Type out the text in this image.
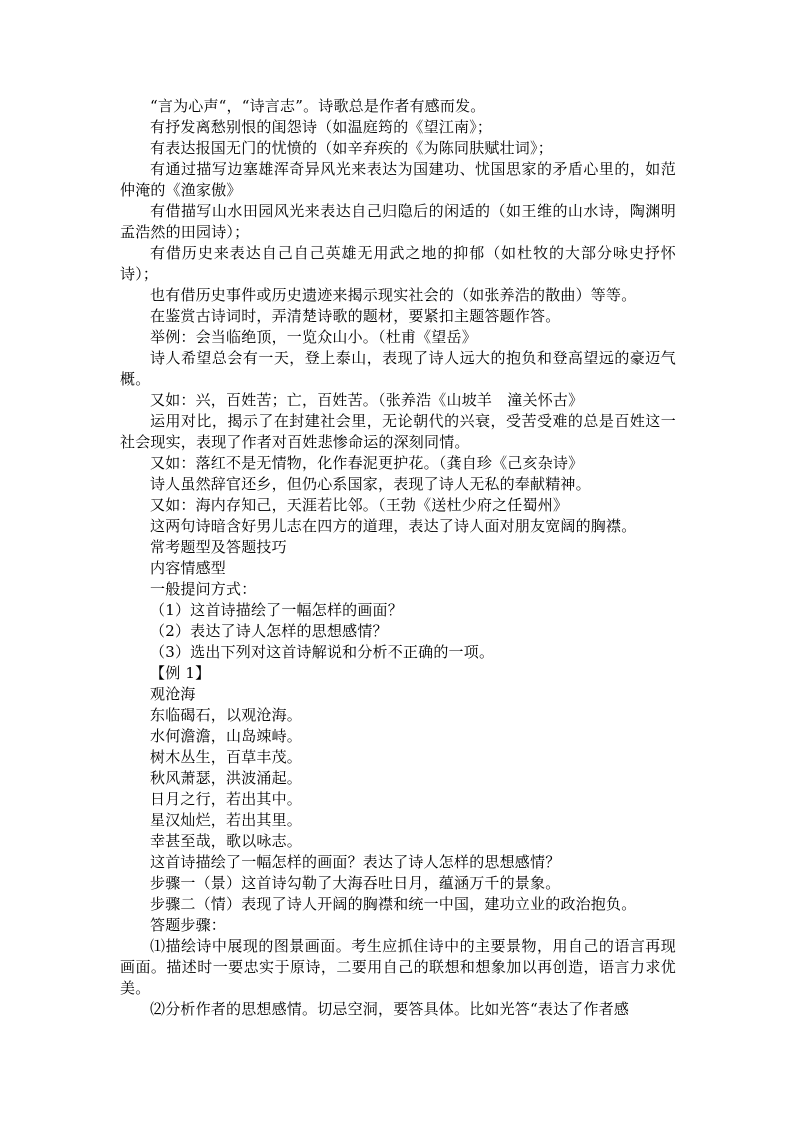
“言为心声“，“诗言志”。诗歌总是作者有感而发。

有抒发离愁别恨的闺怨诗（如温庭筠的《望江南》；

有表达报国无门的忧愤的（如辛弃疾的《为陈同肤赋壮词》；

有通过描写边塞雄浑奇异风光来表达为国建功、忧国思家的矛盾心里的，如范仲淹的《渔家傲》

有借描写山水田园风光来表达自己归隐后的闲适的（如王维的山水诗，陶渊明孟浩然的田园诗）；

有借历史来表达自己自己英雄无用武之地的抑郁（如杜牧的大部分咏史抒怀诗）；

也有借历史事件或历史遗迹来揭示现实社会的（如张养浩的散曲）等等。

在鉴赏古诗词时，弄清楚诗歌的题材，要紧扣主题答题作答。

举例：会当临绝顶，一览众山小。（杜甫《望岳》

诗人希望总会有一天，登上泰山，表现了诗人远大的抱负和登高望远的豪迈气概。

又如：兴，百姓苦；亡，百姓苦。（张养浩《山坡羊　潼关怀古》

运用对比，揭示了在封建社会里，无论朝代的兴衰，受苦受难的总是百姓这一社会现实，表现了作者对百姓悲惨命运的深刻同情。

又如：落红不是无情物，化作春泥更护花。（龚自珍《己亥杂诗》

诗人虽然辞官还乡，但仍心系国家，表现了诗人无私的奉献精神。

又如：海内存知己，天涯若比邻。（王勃《送杜少府之任蜀州》

这两句诗暗含好男儿志在四方的道理，表达了诗人面对朋友宽阔的胸襟。

常考题型及答题技巧

内容情感型

一般提问方式：

（1）这首诗描绘了一幅怎样的画面？

（2）表达了诗人怎样的思想感情？

（3）选出下列对这首诗解说和分析不正确的一项。

【例 1】

观沧海

东临碣石，以观沧海。

水何澹澹，山岛竦峙。

树木丛生，百草丰茂。

秋风萧瑟，洪波涌起。

日月之行，若出其中。

星汉灿烂，若出其里。

幸甚至哉，歌以咏志。

这首诗描绘了一幅怎样的画面？表达了诗人怎样的思想感情？

步骤一（景）这首诗勾勒了大海吞吐日月，蕴涵万千的景象。

步骤二（情）表现了诗人开阔的胸襟和统一中国，建功立业的政治抱负。

答题步骤：

⑴描绘诗中展现的图景画面。考生应抓住诗中的主要景物，用自己的语言再现画面。描述时一要忠实于原诗，二要用自己的联想和想象加以再创造，语言力求优美。

⑵分析作者的思想感情。切忌空洞，要答具体。比如光答“表达了作者感
